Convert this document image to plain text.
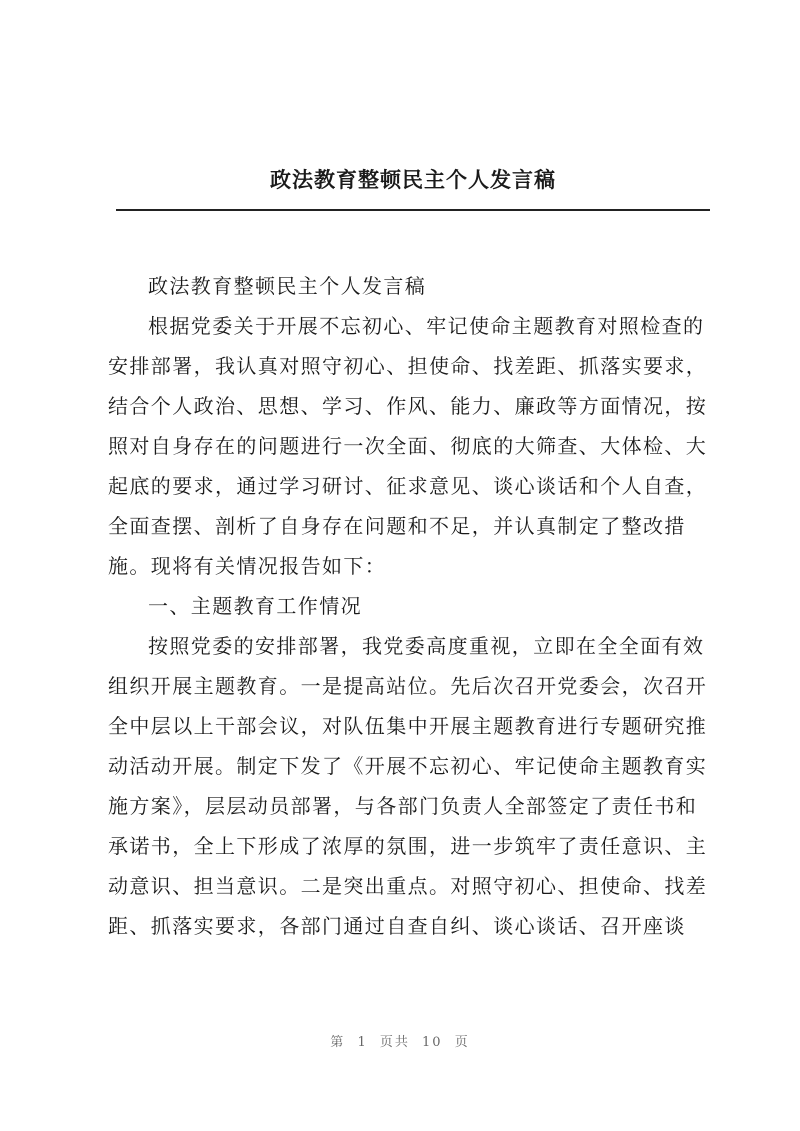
政法教育整顿民主个人发言稿
政法教育整顿民主个人发言稿
根据党委关于开展不忘初心、牢记使命主题教育对照检查的
安排部署，我认真对照守初心、担使命、找差距、抓落实要求，
结合个人政治、思想、学习、作风、能力、廉政等方面情况，按
照对自身存在的问题进行一次全面、彻底的大筛查、大体检、大
起底的要求，通过学习研讨、征求意见、谈心谈话和个人自查，
全面查摆、剖析了自身存在问题和不足，并认真制定了整改措
施。现将有关情况报告如下：
一、主题教育工作情况
按照党委的安排部署，我党委高度重视，立即在全全面有效
组织开展主题教育。一是提高站位。先后次召开党委会，次召开
全中层以上干部会议，对队伍集中开展主题教育进行专题研究推
动活动开展。制定下发了《开展不忘初心、牢记使命主题教育实
施方案》，层层动员部署，与各部门负责人全部签定了责任书和
承诺书，全上下形成了浓厚的氛围，进一步筑牢了责任意识、主
动意识、担当意识。二是突出重点。对照守初心、担使命、找差
距、抓落实要求，各部门通过自查自纠、谈心谈话、召开座谈
第 1 页共 10 页
